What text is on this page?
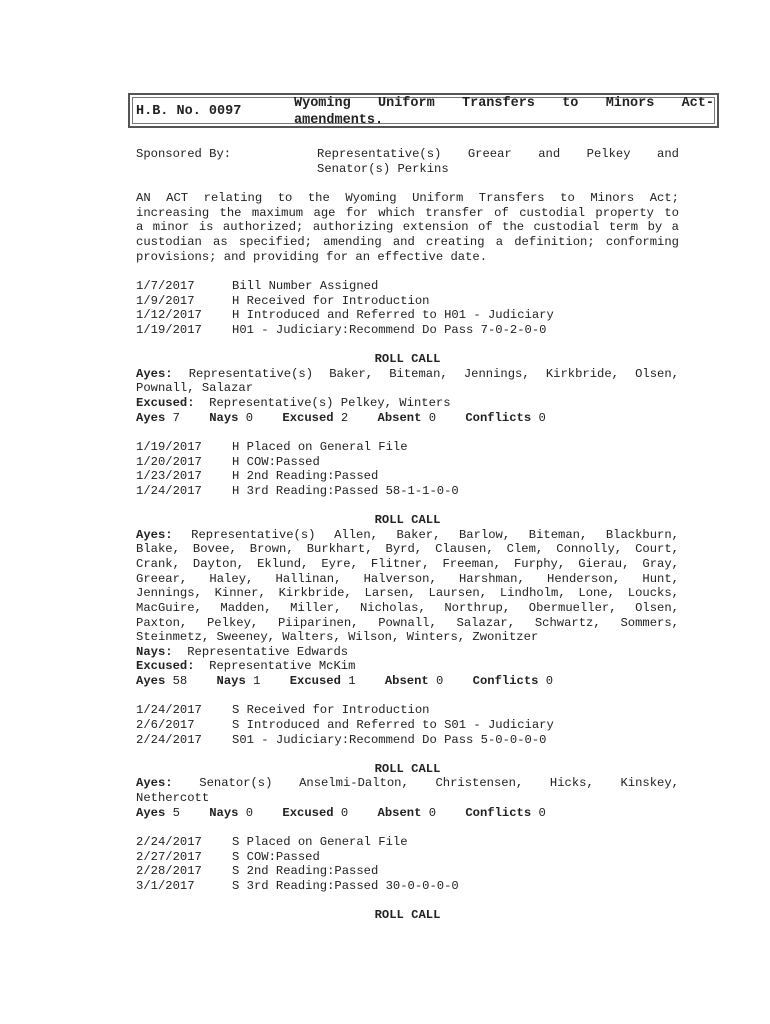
H.B. No. 0097
Wyoming Uniform Transfers to Minors Act-
amendments.
Sponsored By:	Representative(s) Greear and Pelkey and
Senator(s) Perkins
AN ACT relating to the Wyoming Uniform Transfers to Minors Act;
increasing the maximum age for which transfer of custodial property to
a minor is authorized; authorizing extension of the custodial term by a
custodian as specified; amending and creating a definition; conforming
provisions; and providing for an effective date.
1/7/2017	Bill Number Assigned
1/9/2017	H Received for Introduction
1/12/2017 H Introduced and Referred to H01 - Judiciary
1/19/2017 H01 - Judiciary:Recommend Do Pass 7-0-2-0-0
ROLL CALL
Ayes: Representative(s) Baker, Biteman, Jennings, Kirkbride, Olsen,
Pownall, Salazar
Excused: Representative(s) Pelkey, Winters
Ayes 7 Nays 0 Excused 2 Absent 0 Conflicts 0
1/19/2017 H Placed on General File
1/20/2017 H COW:Passed
1/23/2017 H 2nd Reading:Passed
1/24/2017 H 3rd Reading:Passed 58-1-1-0-0
ROLL CALL
Ayes: Representative(s) Allen, Baker, Barlow, Biteman, Blackburn,
Blake, Bovee, Brown, Burkhart, Byrd, Clausen, Clem, Connolly, Court,
Crank, Dayton, Eklund, Eyre, Flitner, Freeman, Furphy, Gierau, Gray,
Greear, Haley, Hallinan, Halverson, Harshman, Henderson, Hunt,
Jennings, Kinner, Kirkbride, Larsen, Laursen, Lindholm, Lone, Loucks,
MacGuire, Madden, Miller, Nicholas, Northrup, Obermueller, Olsen,
Paxton, Pelkey, Piiparinen, Pownall, Salazar, Schwartz, Sommers,
Steinmetz, Sweeney, Walters, Wilson, Winters, Zwonitzer
Nays: Representative Edwards
Excused: Representative McKim
Ayes 58 Nays 1 Excused 1 Absent 0 Conflicts 0
1/24/2017 S Received for Introduction
2/6/2017	S Introduced and Referred to S01 - Judiciary
2/24/2017 S01 - Judiciary:Recommend Do Pass 5-0-0-0-0
ROLL CALL
Ayes: Senator(s) Anselmi-Dalton, Christensen, Hicks, Kinskey,
Nethercott
Ayes 5 Nays 0 Excused 0 Absent 0 Conflicts 0
2/24/2017 S Placed on General File
2/27/2017 S COW:Passed
2/28/2017 S 2nd Reading:Passed
3/1/2017	S 3rd Reading:Passed 30-0-0-0-0
ROLL CALL
